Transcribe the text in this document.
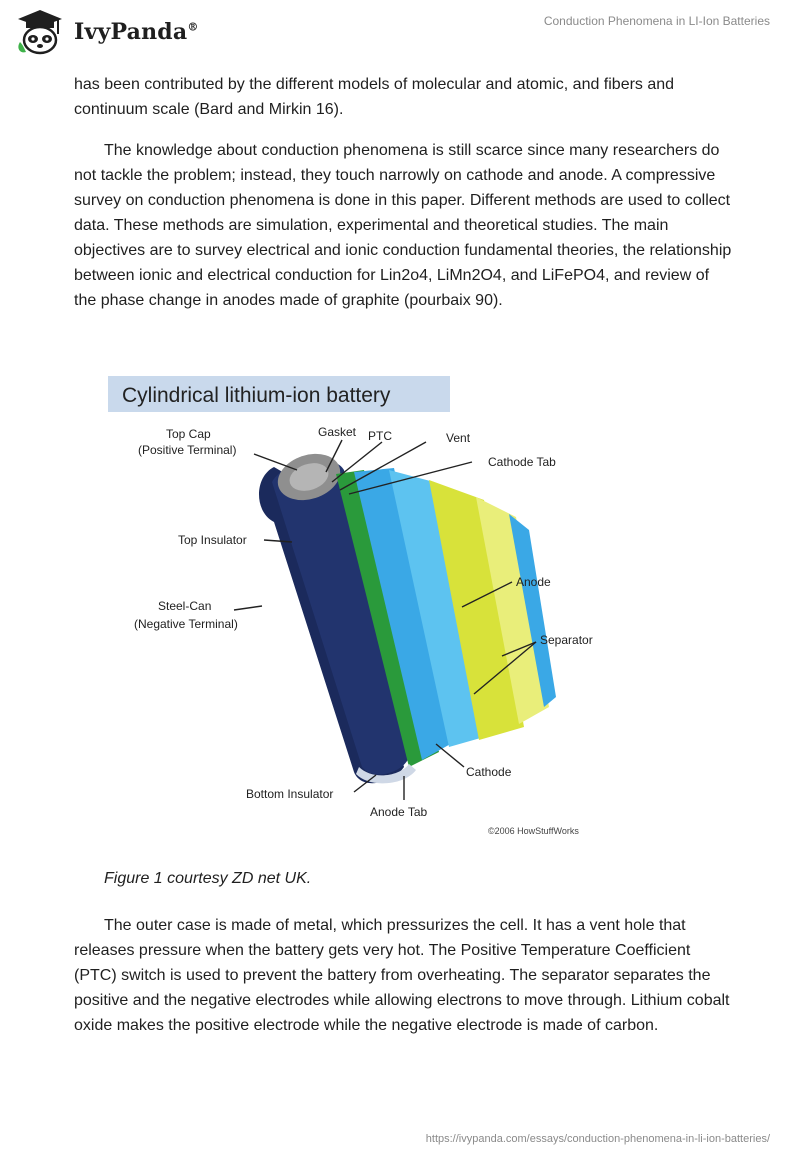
IvyPanda®	Conduction Phenomena in LI-Ion Batteries
has been contributed by the different models of molecular and atomic, and fibers and continuum scale (Bard and Mirkin 16).
The knowledge about conduction phenomena is still scarce since many researchers do not tackle the problem; instead, they touch narrowly on cathode and anode. A compressive survey on conduction phenomena is done in this paper. Different methods are used to collect data. These methods are simulation, experimental and theoretical studies. The main objectives are to survey electrical and ionic conduction fundamental theories, the relationship between ionic and electrical conduction for Lin2o4, LiMn2O4, and LiFePO4, and review of the phase change in anodes made of graphite (pourbaix 90).
Cylindrical lithium-ion battery
Top Cap
(Positive Terminal)
Gasket PTC	Vent
Cathode Tab
Top Insulator
Anode
Steel-Can
(Negative Terminal)
Separator
Cathode
Bottom Insulator
Anode Tab
©2006 HowStuffWorks
Figure 1 courtesy ZD net UK.
The outer case is made of metal, which pressurizes the cell. It has a vent hole that releases pressure when the battery gets very hot. The Positive Temperature Coefficient (PTC) switch is used to prevent the battery from overheating. The separator separates the positive and the negative electrodes while allowing electrons to move through. Lithium cobalt oxide makes the positive electrode while the negative electrode is made of carbon.
https://ivypanda.com/essays/conduction-phenomena-in-li-ion-batteries/
